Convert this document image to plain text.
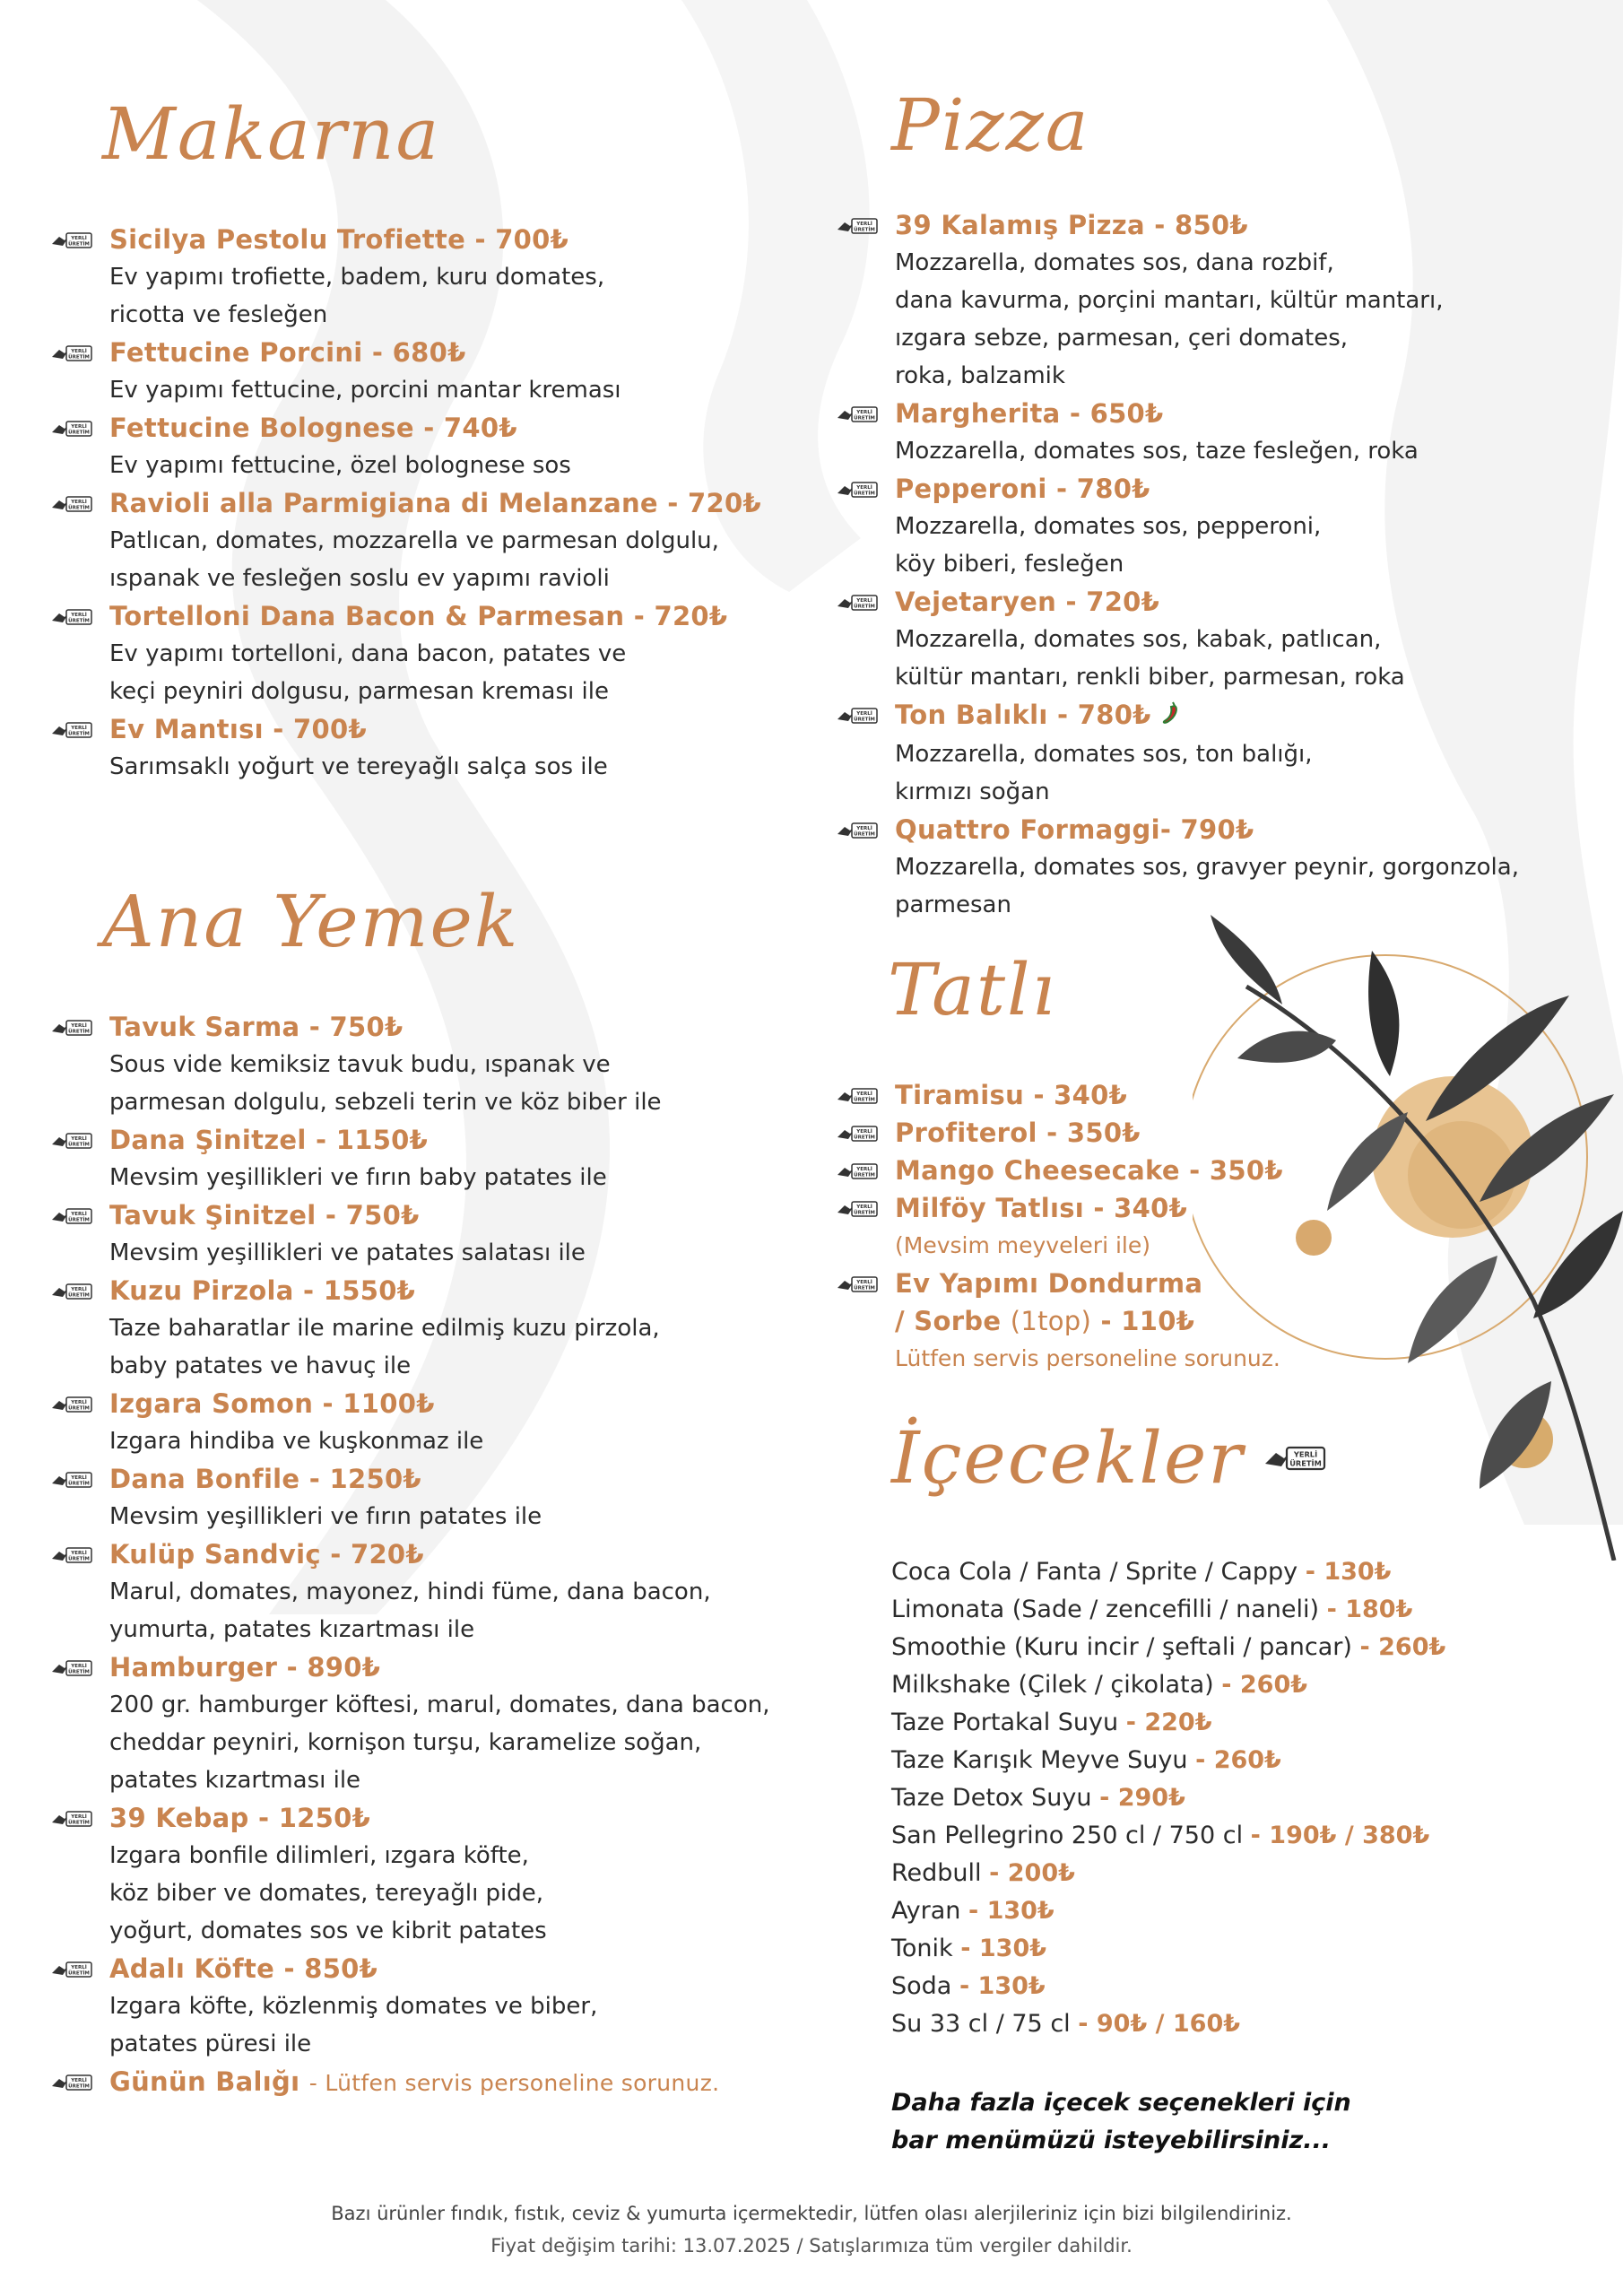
Makarna
YERLİ
ÜRETİM Sicilya Pestolu Trofiette - 700₺
Ev yapımı trofiette, badem, kuru domates,
ricotta ve fesleğen
YERLİ
ÜRETİM Fettucine Porcini - 680₺
Ev yapımı fettucine, porcini mantar kreması
YERLİ
ÜRETİM Fettucine Bolognese - 740₺
Ev yapımı fettucine, özel bolognese sos
YERLİ
ÜRETİM Ravioli alla Parmigiana di Melanzane - 720₺
Patlıcan, domates, mozzarella ve parmesan dolgulu,
ıspanak ve fesleğen soslu ev yapımı ravioli
YERLİ
ÜRETİM Tortelloni Dana Bacon & Parmesan - 720₺
Ev yapımı tortelloni, dana bacon, patates ve
keçi peyniri dolgusu, parmesan kreması ile
YERLİ
ÜRETİM Ev Mantısı - 700₺
Sarımsaklı yoğurt ve tereyağlı salça sos ile
Ana Yemek
YERLİ
ÜRETİM Tavuk Sarma - 750₺
Sous vide kemiksiz tavuk budu, ıspanak ve
parmesan dolgulu, sebzeli terin ve köz biber ile
YERLİ
ÜRETİM Dana Şinitzel - 1150₺
Mevsim yeşillikleri ve fırın baby patates ile
YERLİ
ÜRETİM Tavuk Şinitzel - 750₺
Mevsim yeşillikleri ve patates salatası ile
YERLİ
ÜRETİM Kuzu Pirzola - 1550₺
Taze baharatlar ile marine edilmiş kuzu pirzola,
baby patates ve havuç ile
YERLİ
ÜRETİM Izgara Somon - 1100₺
Izgara hindiba ve kuşkonmaz ile
YERLİ
ÜRETİM Dana Bonfile - 1250₺
Mevsim yeşillikleri ve fırın patates ile
YERLİ
ÜRETİM Kulüp Sandviç - 720₺
Marul, domates, mayonez, hindi füme, dana bacon,
yumurta, patates kızartması ile
YERLİ
ÜRETİM Hamburger - 890₺
200 gr. hamburger köftesi, marul, domates, dana bacon,
cheddar peyniri, kornişon turşu, karamelize soğan,
patates kızartması ile
YERLİ
ÜRETİM 39 Kebap - 1250₺
Izgara bonfile dilimleri, ızgara köfte,
köz biber ve domates, tereyağlı pide,
yoğurt, domates sos ve kibrit patates
YERLİ
ÜRETİM Adalı Köfte - 850₺
Izgara köfte, közlenmiş domates ve biber,
patates püresi ile
YERLİ
ÜRETİM Günün Balığı - Lütfen servis personeline sorunuz.
Pizza
YERLİ
ÜRETİM 39 Kalamış Pizza - 850₺
Mozzarella, domates sos, dana rozbif,
dana kavurma, porçini mantarı, kültür mantarı,
ızgara sebze, parmesan, çeri domates,
roka, balzamik
YERLİ
ÜRETİM Margherita - 650₺
Mozzarella, domates sos, taze fesleğen, roka
YERLİ
ÜRETİM Pepperoni - 780₺
Mozzarella, domates sos, pepperoni,
köy biberi, fesleğen
YERLİ
ÜRETİM Vejetaryen - 720₺
Mozzarella, domates sos, kabak, patlıcan,
kültür mantarı, renkli biber, parmesan, roka
YERLİ
ÜRETİM Ton Balıklı - 780₺
Mozzarella, domates sos, ton balığı,
kırmızı soğan
YERLİ
ÜRETİM Quattro Formaggi- 790₺
Mozzarella, domates sos, gravyer peynir, gorgonzola,
parmesan
Tatlı
YERLİ
ÜRETİM Tiramisu - 340₺
YERLİ
ÜRETİM Profiterol - 350₺
YERLİ
ÜRETİM Mango Cheesecake - 350₺
YERLİ
ÜRETİM Milföy Tatlısı - 340₺
(Mevsim meyveleri ile)
YERLİ
ÜRETİM Ev Yapımı Dondurma
/ Sorbe (1top) - 110₺
Lütfen servis personeline sorunuz.
İçecekler	YERLİ
ÜRETİM
Coca Cola / Fanta / Sprite / Cappy - 130₺
Limonata (Sade / zencefilli / naneli) - 180₺
Smoothie (Kuru incir / şeftali / pancar) - 260₺
Milkshake (Çilek / çikolata) - 260₺
Taze Portakal Suyu - 220₺
Taze Karışık Meyve Suyu - 260₺
Taze Detox Suyu - 290₺
San Pellegrino 250 cl / 750 cl - 190₺ / 380₺
Redbull - 200₺
Ayran - 130₺
Tonik - 130₺
Soda - 130₺
Su 33 cl / 75 cl - 90₺ / 160₺
Daha fazla içecek seçenekleri için
bar menümüzü isteyebilirsiniz...
Bazı ürünler fındık, fıstık, ceviz & yumurta içermektedir, lütfen olası alerjileriniz için bizi bilgilendiriniz.
Fiyat değişim tarihi: 13.07.2025 / Satışlarımıza tüm vergiler dahildir.
